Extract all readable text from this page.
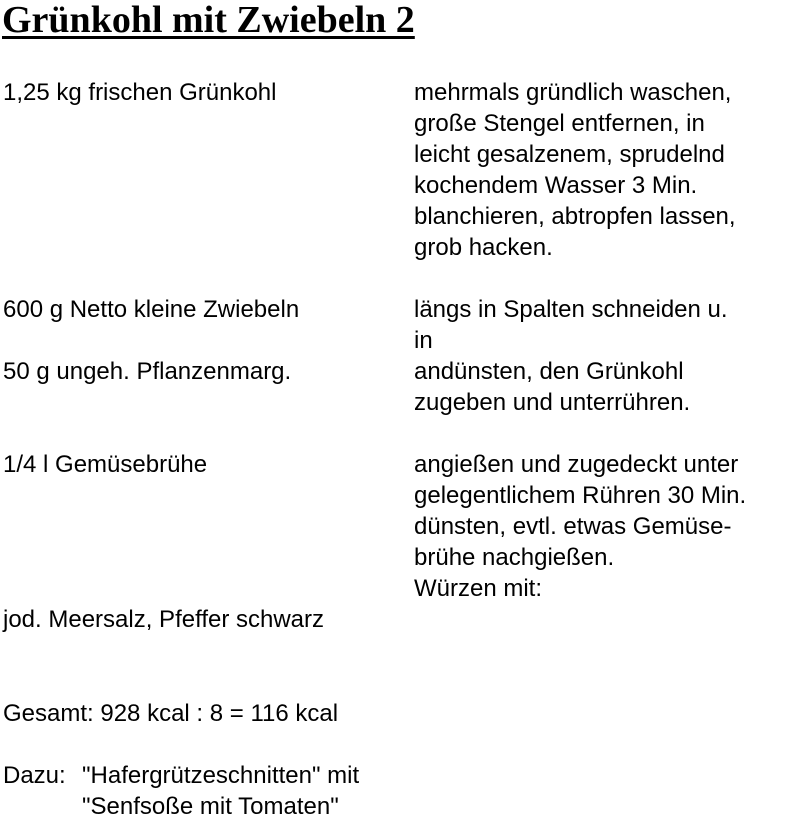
Grünkohl mit Zwiebeln 2
1,25 kg frischen Grünkohl	mehrmals gründlich waschen,
große Stengel entfernen, in
leicht gesalzenem, sprudelnd
kochendem Wasser 3 Min.
blanchieren, abtropfen lassen,
grob hacken.
600 g Netto kleine Zwiebeln
50 g ungeh. Pflanzenmarg.
längs in Spalten schneiden u.
in
andünsten, den Grünkohl
zugeben und unterrühren.
1/4 l Gemüsebrühe	angießen und zugedeckt unter
gelegentlichem Rühren 30 Min.
dünsten, evtl. etwas Gemüse-
brühe nachgießen.
Würzen mit:
jod. Meersalz, Pfeffer schwarz
Gesamt: 928 kcal : 8 = 116 kcal
Dazu: "Hafergrützeschnitten" mit
"Senfsoße mit Tomaten"
